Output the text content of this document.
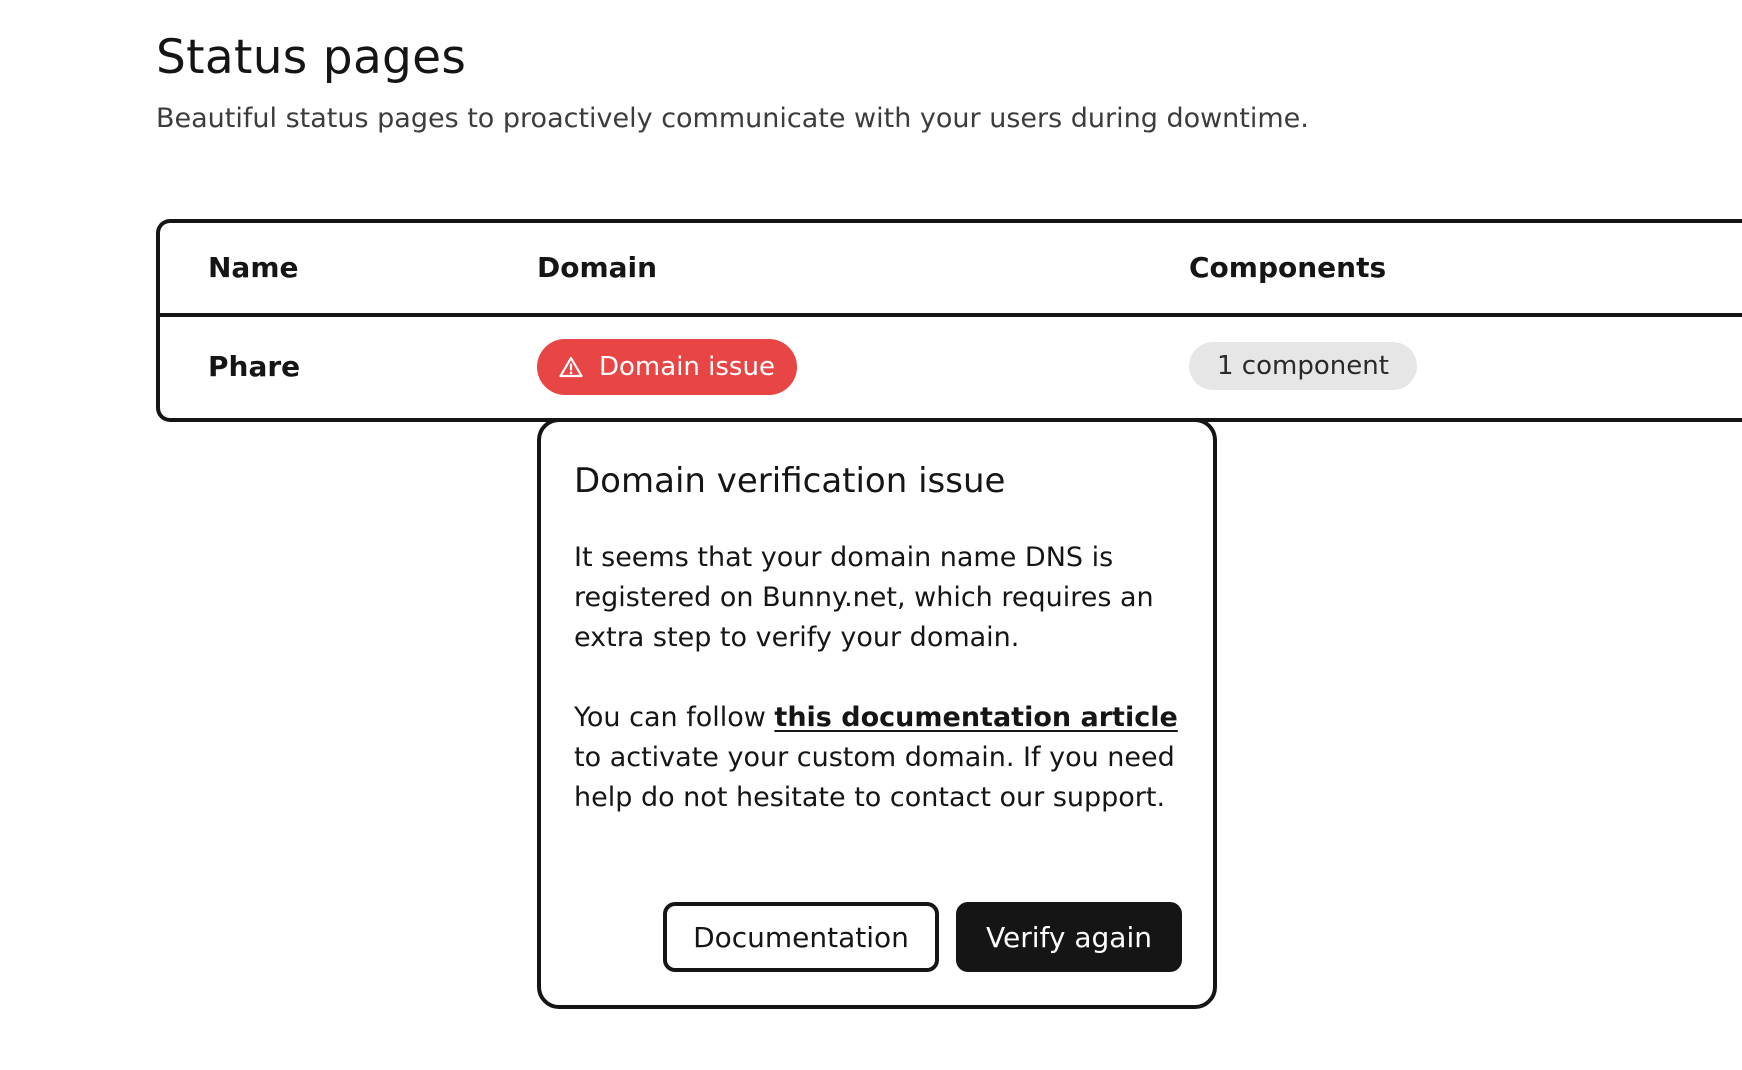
Status pages

Beautiful status pages to proactively communicate with your users during downtime.

Name	Domain	Components
Phare	Domain issue	1 component
Domain verification issue

It seems that your domain name DNS is registered on Bunny.net, which requires an extra step to verify your domain.

You can follow this documentation article to activate your custom domain. If you need help do not hesitate to contact our support.

Documentation	Verify again
